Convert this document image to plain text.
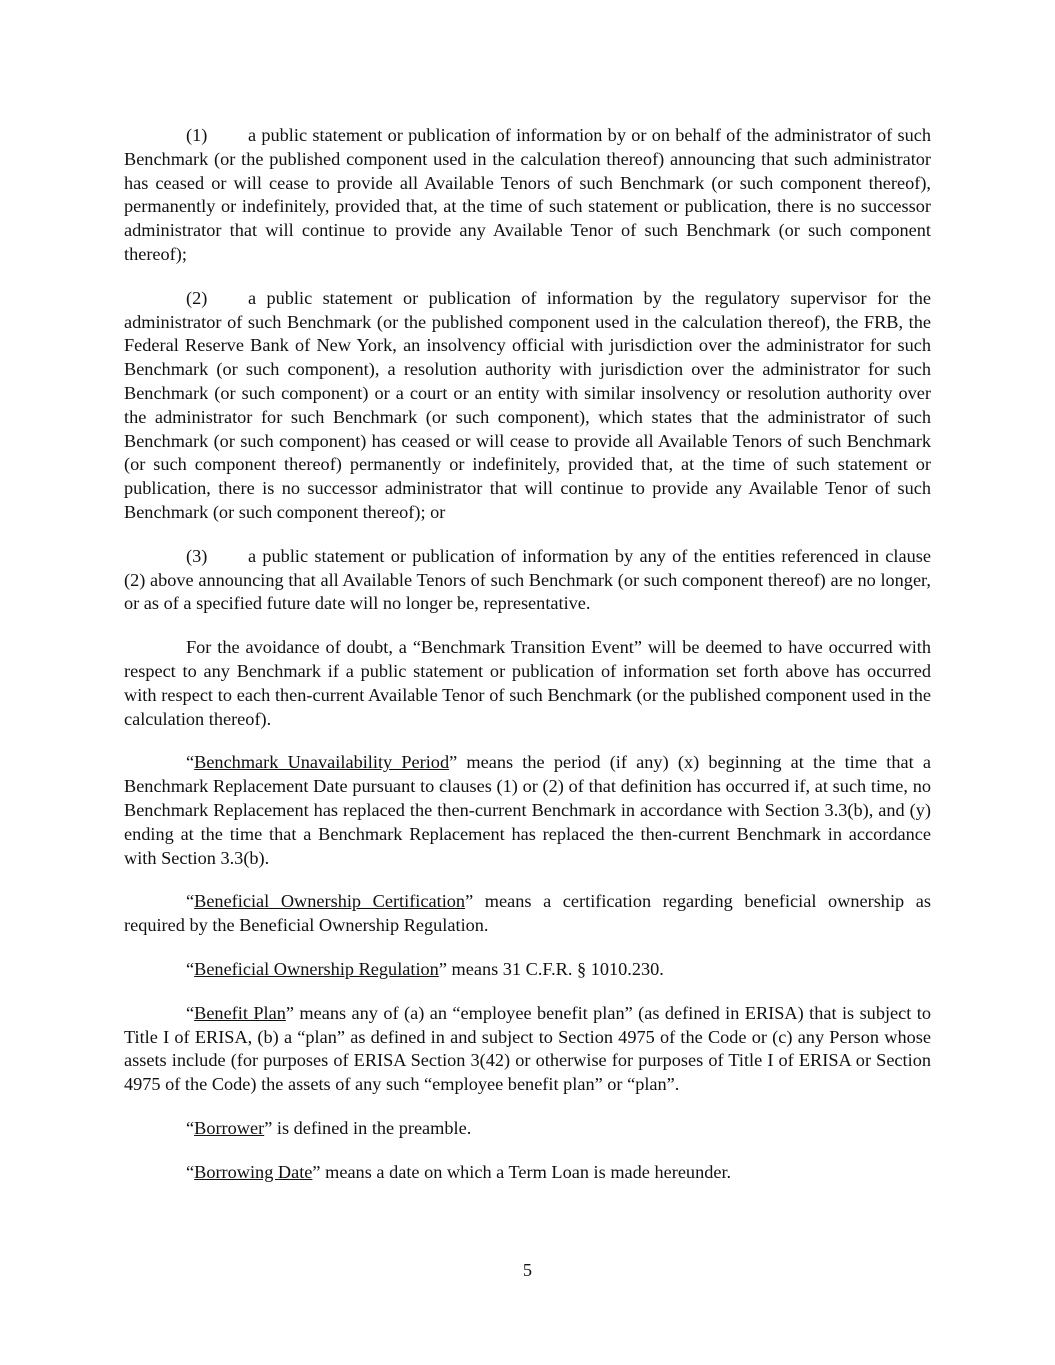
(1) a public statement or publication of information by or on behalf of the administrator of such Benchmark (or the published component used in the calculation thereof) announcing that such administrator has ceased or will cease to provide all Available Tenors of such Benchmark (or such component thereof), permanently or indefinitely, provided that, at the time of such statement or publication, there is no successor administrator that will continue to provide any Available Tenor of such Benchmark (or such component thereof);

(2) a public statement or publication of information by the regulatory supervisor for the administrator of such Benchmark (or the published component used in the calculation thereof), the FRB, the Federal Reserve Bank of New York, an insolvency official with jurisdiction over the administrator for such Benchmark (or such component), a resolution authority with jurisdiction over the administrator for such Benchmark (or such component) or a court or an entity with similar insolvency or resolution authority over the administrator for such Benchmark (or such component), which states that the administrator of such Benchmark (or such component) has ceased or will cease to provide all Available Tenors of such Benchmark (or such component thereof) permanently or indefinitely, provided that, at the time of such statement or publication, there is no successor administrator that will continue to provide any Available Tenor of such Benchmark (or such component thereof); or

(3) a public statement or publication of information by any of the entities referenced in clause (2) above announcing that all Available Tenors of such Benchmark (or such component thereof) are no longer, or as of a specified future date will no longer be, representative.

For the avoidance of doubt, a “Benchmark Transition Event” will be deemed to have occurred with respect to any Benchmark if a public statement or publication of information set forth above has occurred with respect to each then-current Available Tenor of such Benchmark (or the published component used in the calculation thereof).

“Benchmark Unavailability Period” means the period (if any) (x) beginning at the time that a Benchmark Replacement Date pursuant to clauses (1) or (2) of that definition has occurred if, at such time, no Benchmark Replacement has replaced the then-current Benchmark in accordance with Section 3.3(b), and (y) ending at the time that a Benchmark Replacement has replaced the then-current Benchmark in accordance with Section 3.3(b).

“Beneficial Ownership Certification” means a certification regarding beneficial ownership as required by the Beneficial Ownership Regulation.

“Beneficial Ownership Regulation” means 31 C.F.R. § 1010.230.

“Benefit Plan” means any of (a) an “employee benefit plan” (as defined in ERISA) that is subject to Title I of ERISA, (b) a “plan” as defined in and subject to Section 4975 of the Code or (c) any Person whose assets include (for purposes of ERISA Section 3(42) or otherwise for purposes of Title I of ERISA or Section 4975 of the Code) the assets of any such “employee benefit plan” or “plan”.

“Borrower” is defined in the preamble.

“Borrowing Date” means a date on which a Term Loan is made hereunder.

5
